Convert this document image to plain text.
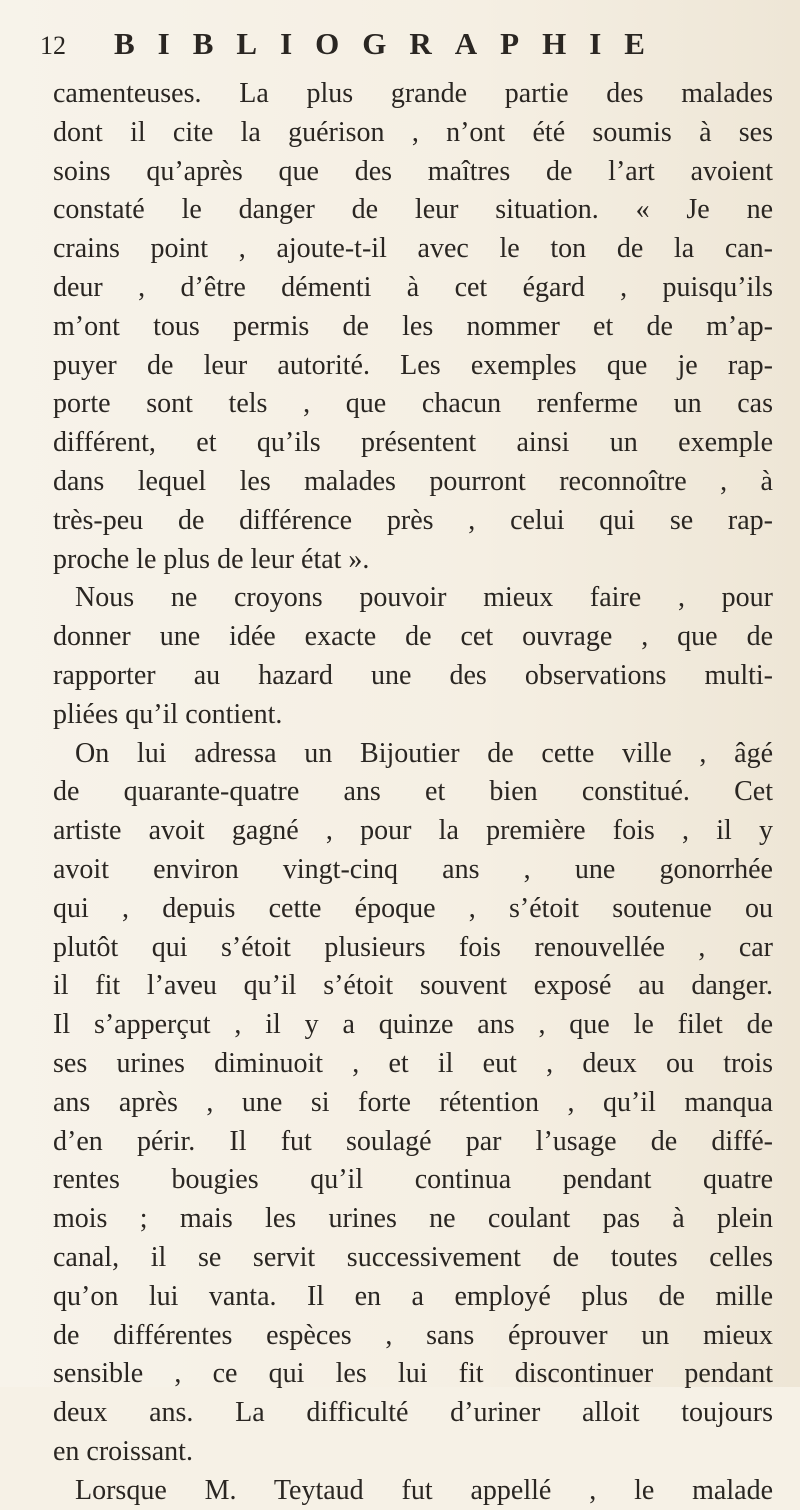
12	BIBLIOGRAPHIE
camenteuses. La plus grande partie des malades
dont il cite la guérison , n’ont été soumis à ses
soins qu’après que des maîtres de l’art avoient
constaté le danger de leur situation. « Je ne
crains point , ajoute-t-il avec le ton de la can-
deur , d’être démenti à cet égard , puisqu’ils
m’ont tous permis de les nommer et de m’ap-
puyer de leur autorité. Les exemples que je rap-
porte sont tels , que chacun renferme un cas
différent, et qu’ils présentent ainsi un exemple
dans lequel les malades pourront reconnoître , à
très-peu de différence près , celui qui se rap-
proche le plus de leur état ».
Nous ne croyons pouvoir mieux faire , pour
donner une idée exacte de cet ouvrage , que de
rapporter au hazard une des observations multi-
pliées qu’il contient.
On lui adressa un Bijoutier de cette ville , âgé
de quarante-quatre ans et bien constitué. Cet
artiste avoit gagné , pour la première fois , il y
avoit environ vingt-cinq ans , une gonorrhée
qui , depuis cette époque , s’étoit soutenue ou
plutôt qui s’étoit plusieurs fois renouvellée , car
il fit l’aveu qu’il s’étoit souvent exposé au danger.
Il s’apperçut , il y a quinze ans , que le filet de
ses urines diminuoit , et il eut , deux ou trois
ans après , une si forte rétention , qu’il manqua
d’en périr. Il fut soulagé par l’usage de diffé-
rentes bougies qu’il continua pendant quatre
mois ; mais les urines ne coulant pas à plein
canal, il se servit successivement de toutes celles
qu’on lui vanta. Il en a employé plus de mille
de différentes espèces , sans éprouver un mieux
sensible , ce qui les lui fit discontinuer pendant
deux ans. La difficulté d’uriner alloit toujours
en croissant.
Lorsque M. Teytaud fut appellé , le malade
